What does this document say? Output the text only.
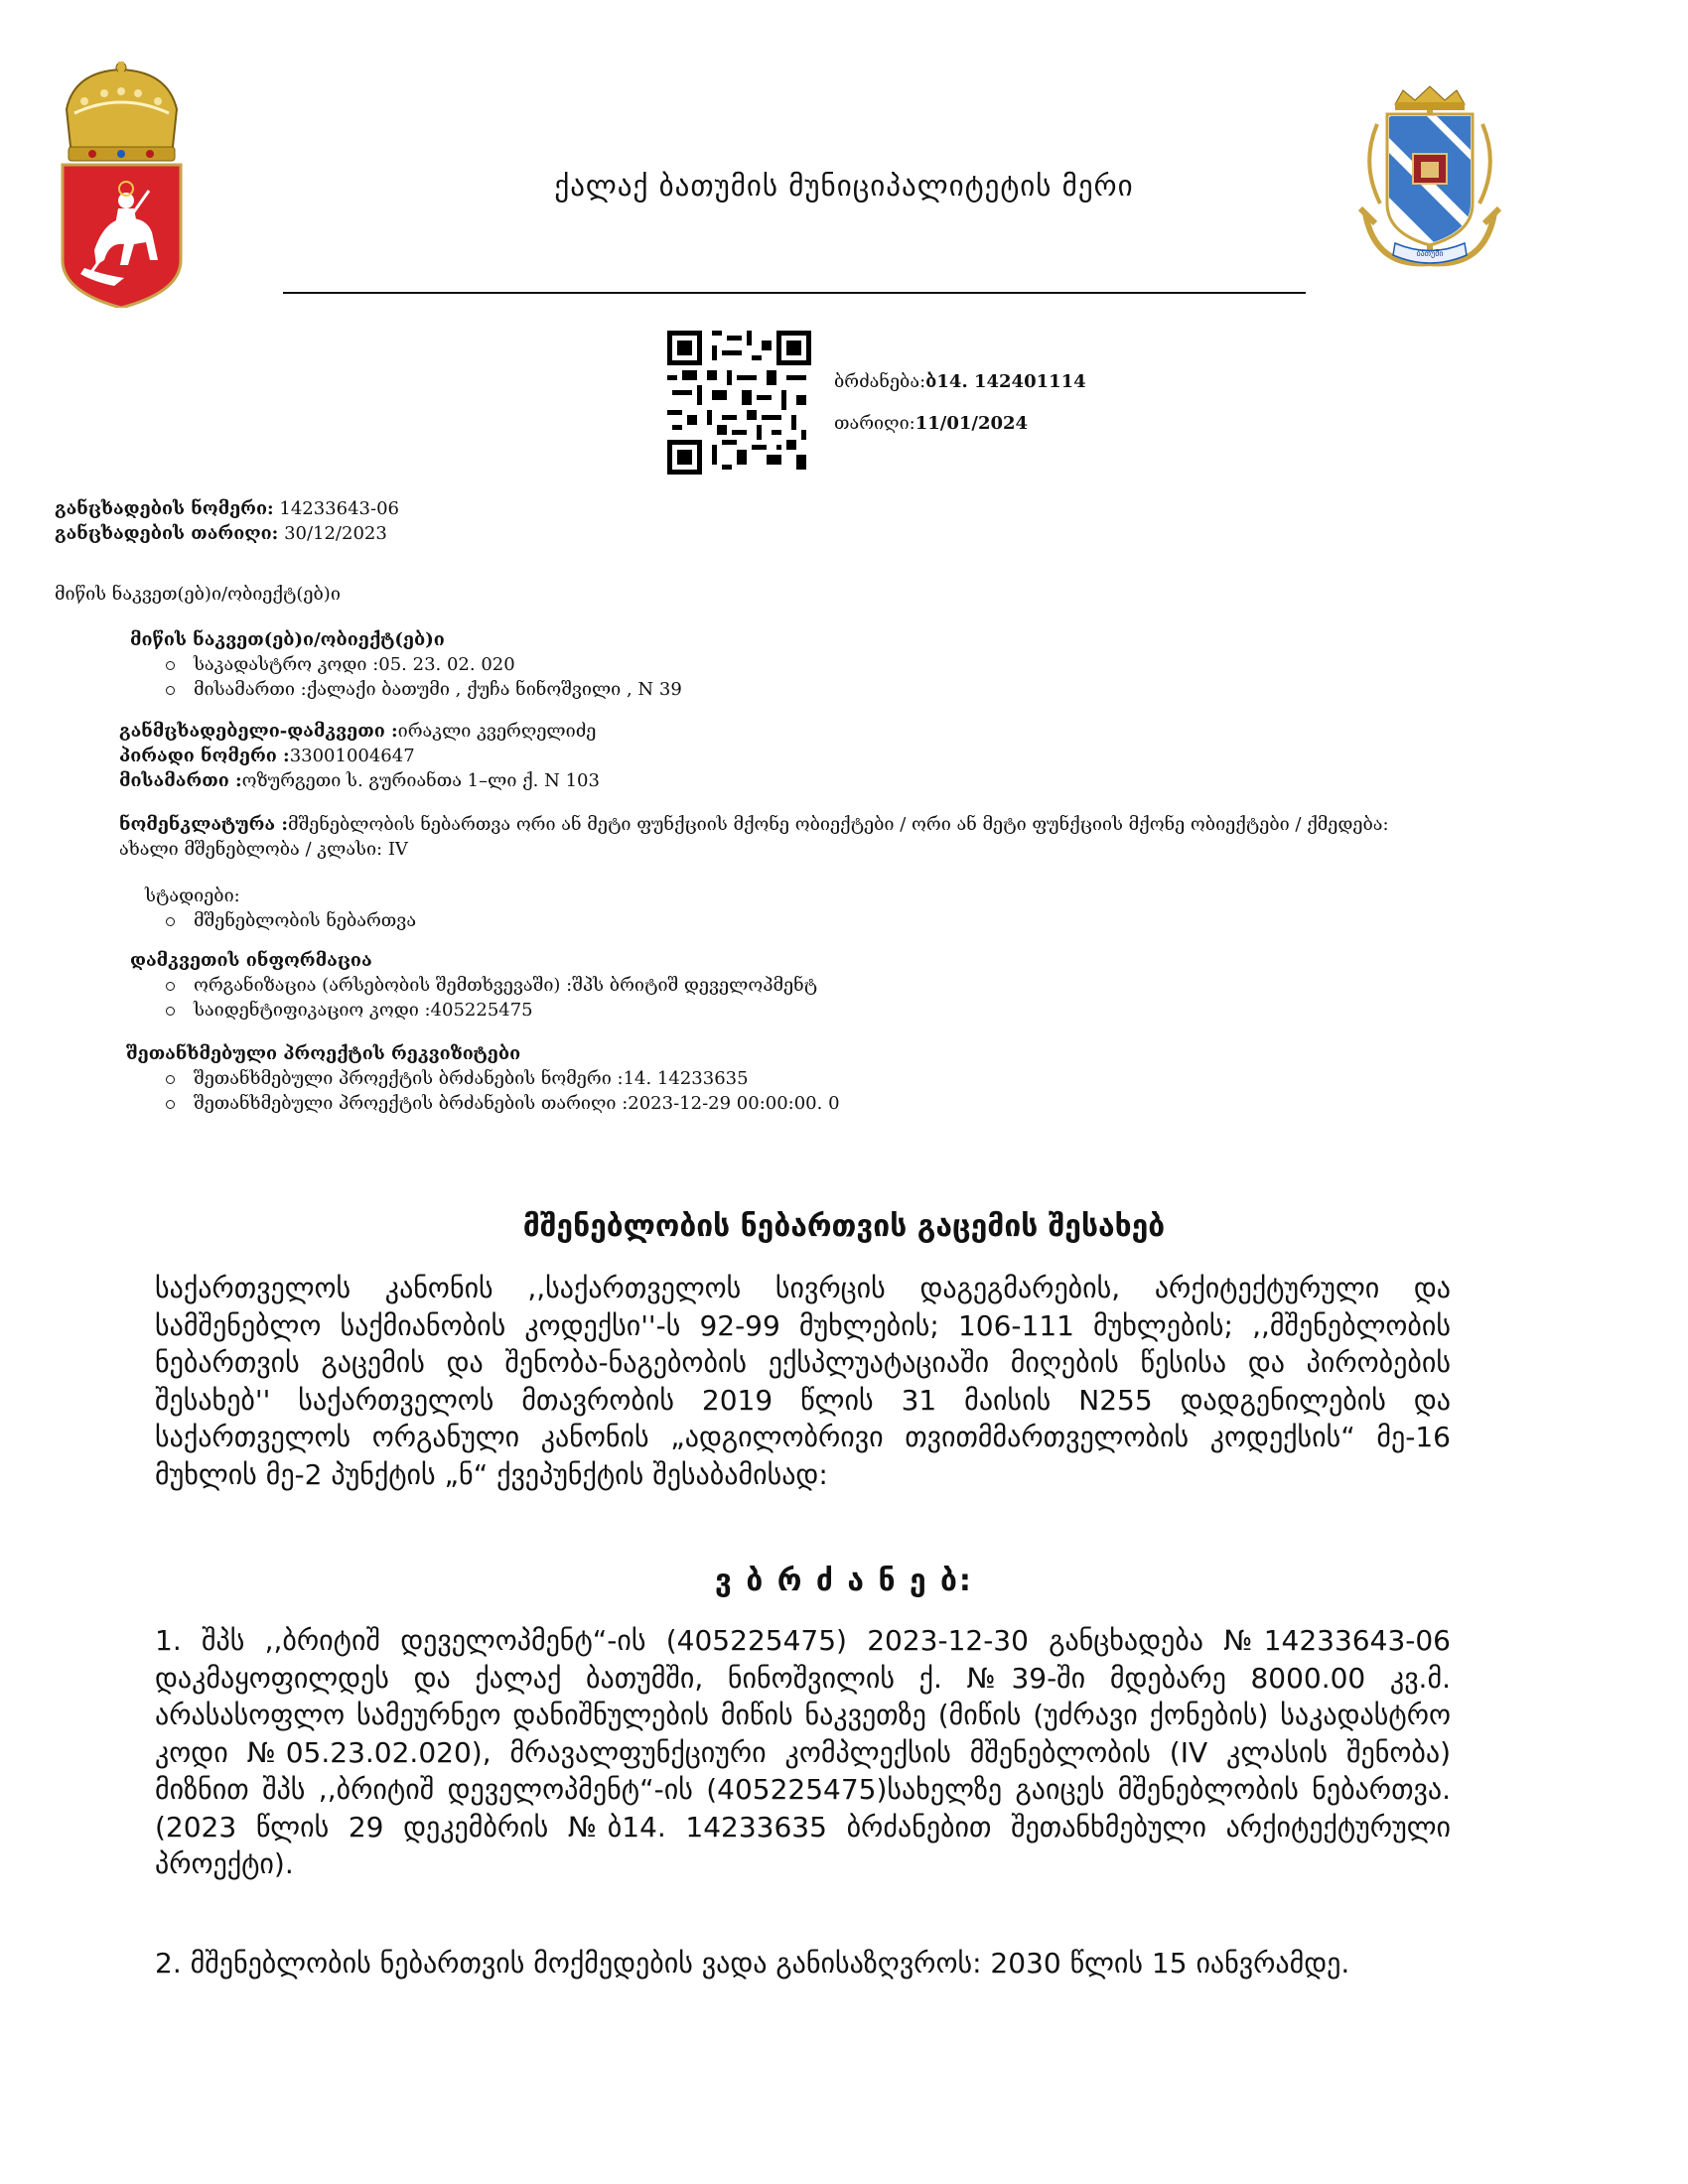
ქალაქ ბათუმის მუნიციპალიტეტის მერი
ბათუმი
ბრძანება:ბ14. 142401114
თარიღი:11/01/2024
განცხადების ნომერი: 14233643-06
განცხადების თარიღი: 30/12/2023
მიწის ნაკვეთ(ებ)ი/ობიექტ(ებ)ი
მიწის ნაკვეთ(ებ)ი/ობიექტ(ებ)ი
საკადასტრო კოდი :05. 23. 02. 020
მისამართი :ქალაქი ბათუმი , ქუჩა ნინოშვილი , N 39
განმცხადებელი-დამკვეთი :ირაკლი კვერღელიძე
პირადი ნომერი :33001004647
მისამართი :ოზურგეთი ს. გურიანთა 1–ლი ქ. N 103
ნომენკლატურა :მშენებლობის ნებართვა ორი ან მეტი ფუნქციის მქონე ობიექტები / ორი ან მეტი ფუნქციის მქონე ობიექტები / ქმედება:
ახალი მშენებლობა / კლასი: IV
სტადიები:
მშენებლობის ნებართვა
დამკვეთის ინფორმაცია
ორგანიზაცია (არსებობის შემთხვევაში) :შპს ბრიტიშ დეველოპმენტ
საიდენტიფიკაციო კოდი :405225475
შეთანხმებული პროექტის რეკვიზიტები
შეთანხმებული პროექტის ბრძანების ნომერი :14. 14233635
შეთანხმებული პროექტის ბრძანების თარიღი :2023-12-29 00:00:00. 0
მშენებლობის ნებართვის გაცემის შესახებ
საქართველოს კანონის ,,საქართველოს სივრცის დაგეგმარების, არქიტექტურული და სამშენებლო საქმიანობის კოდექსი''-ს 92-99 მუხლების; 106-111 მუხლების; ,,მშენებლობის ნებართვის გაცემის და შენობა-ნაგებობის ექსპლუატაციაში მიღების წესისა და პირობების შესახებ'' საქართველოს მთავრობის 2019 წლის 31 მაისის N255 დადგენილების და საქართველოს ორგანული კანონის „ადგილობრივი თვითმმართველობის კოდექსის“ მე-16 მუხლის მე-2 პუნქტის „ნ“ ქვეპუნქტის შესაბამისად:
ვ ბ რ ძ ა ნ ე ბ:
1. შპს ,,ბრიტიშ დეველოპმენტ“-ის (405225475) 2023-12-30 განცხადება №14233643-06 დაკმაყოფილდეს და ქალაქ ბათუმში, ნინოშვილის ქ. №39-ში მდებარე 8000.00 კვ.მ. არასასოფლო სამეურნეო დანიშნულების მიწის ნაკვეთზე (მიწის (უძრავი ქონების) საკადასტრო კოდი №05.23.02.020), მრავალფუნქციური კომპლექსის მშენებლობის (IV კლასის შენობა) მიზნით შპს ,,ბრიტიშ დეველოპმენტ“-ის (405225475)სახელზე გაიცეს მშენებლობის ნებართვა. (2023 წლის 29 დეკემბრის №ბ14. 14233635 ბრძანებით შეთანხმებული არქიტექტურული პროექტი).
2. მშენებლობის ნებართვის მოქმედების ვადა განისაზღვროს: 2030 წლის 15 იანვრამდე.
